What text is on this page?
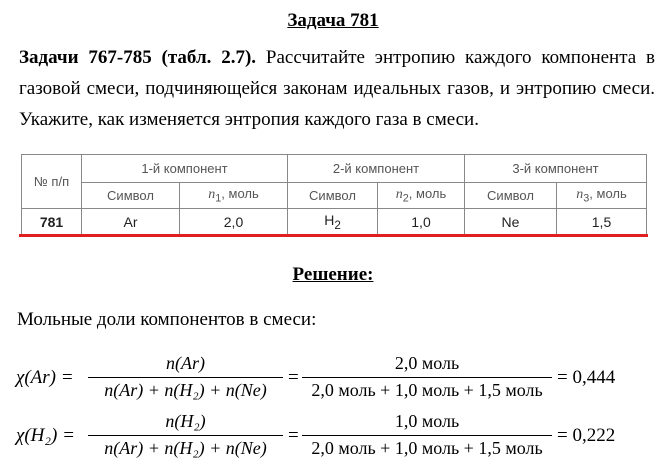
Задача 781
Задачи 767-785 (табл. 2.7). Рассчитайте энтропию каждого компонента в газовой смеси, подчиняющейся законам идеальных газов, и энтропию смеси. Укажите, как изменяется энтропия каждого газа в смеси.
№ п/п	1-й компонент		2-й компонент		3-й компонент	
	Символ	$n_1$, моль	Символ	$n_2$, моль	Символ	$n_3$, моль
781	Ar	2,0	$H_2$	1,0	Ne	1,5
Решение:
Мольные доли компонентов в смеси:
χ(Ar) =
n(Ar)
n(Ar) + n(H₂) + n(Ne)
=
2,0 моль
2,0 моль + 1,0 моль + 1,5 моль
= 0,444
χ(H₂) =
n(H₂)
n(Ar) + n(H₂) + n(Ne)
=
1,0 моль
2,0 моль + 1,0 моль + 1,5 моль
= 0,222
